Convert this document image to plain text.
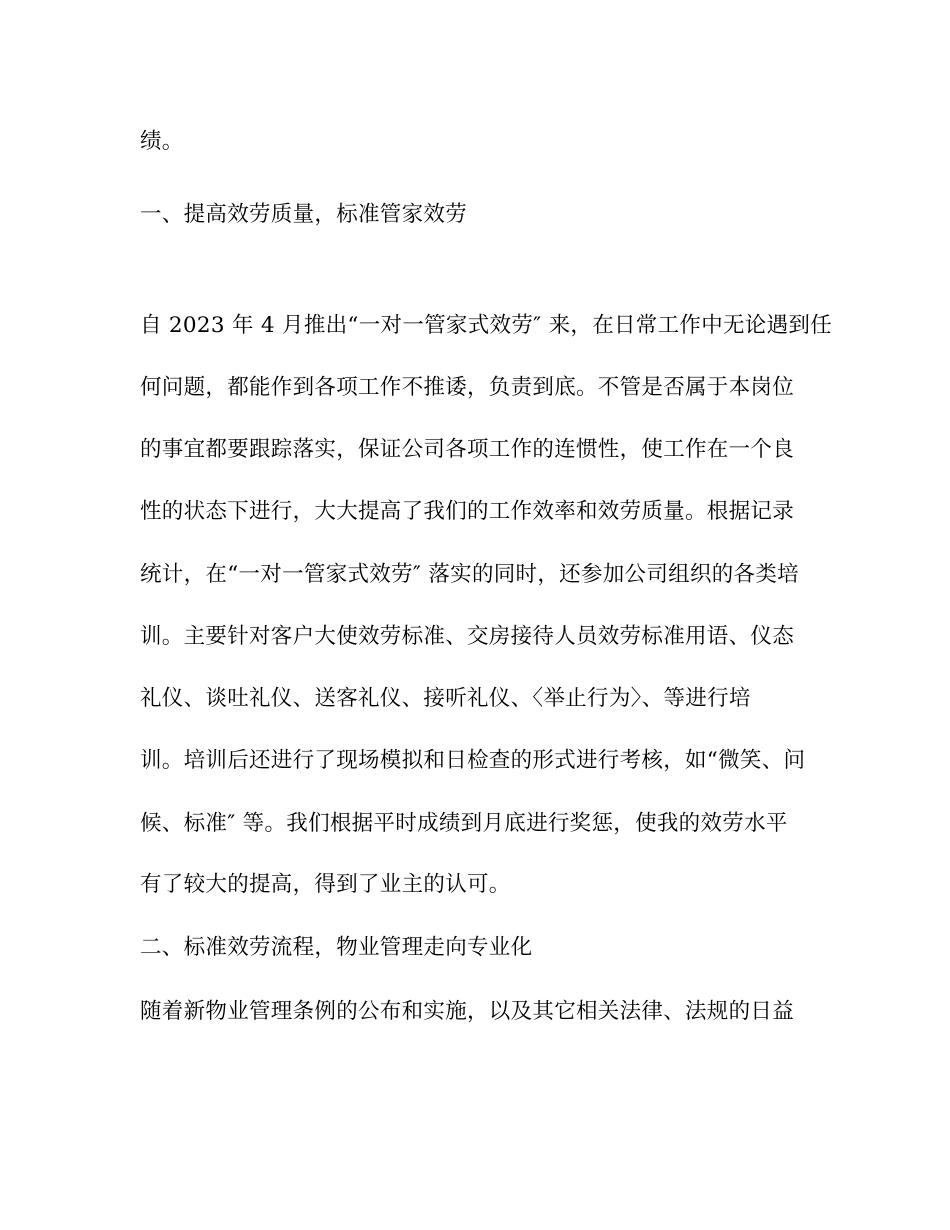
绩。
一、提高效劳质量，标准管家效劳
自 2023 年 4 月推出“一对一管家式效劳″ 来，在日常工作中无论遇到任
何问题，都能作到各项工作不推诿，负责到底。不管是否属于本岗位
的事宜都要跟踪落实，保证公司各项工作的连惯性，使工作在一个良
性的状态下进行，大大提高了我们的工作效率和效劳质量。根据记录
统计，在“一对一管家式效劳″ 落实的同时，还参加公司组织的各类培
训。主要针对客户大使效劳标准、交房接待人员效劳标准用语、仪态
礼仪、谈吐礼仪、送客礼仪、接听礼仪、〈举止行为〉、等进行培
训。培训后还进行了现场模拟和日检查的形式进行考核，如“微笑、问
候、标准″ 等。我们根据平时成绩到月底进行奖惩，使我的效劳水平
有了较大的提高，得到了业主的认可。
二、标准效劳流程，物业管理走向专业化
随着新物业管理条例的公布和实施，以及其它相关法律、法规的日益
